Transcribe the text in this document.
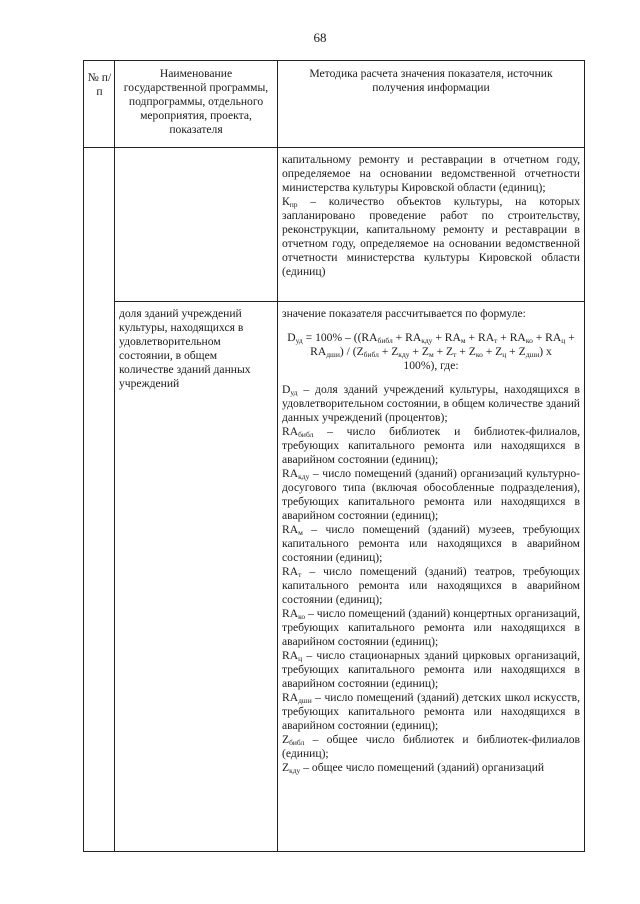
68
№ п/п
Наименование государственной программы, подпрограммы, отдельного мероприятия, проекта, показателя
Методика расчета значения показателя, источник получения информации

капитальному ремонту и реставрации в отчетном году, определяемое на основании ведомственной отчетности министерства культуры Кировской области (единиц);

$К_{пр}$ – количество объектов культуры, на которых запланировано проведение работ по строительству, реконструкции, капитальному ремонту и реставрации в отчетном году, определяемое на основании ведомственной отчетности министерства культуры Кировской области (единиц)

доля зданий учреждений культуры, находящихся в удовлетворительном состоянии, в общем количестве зданий данных учреждений

значение показателя рассчитывается по формуле:

$D_{уд} = 100\% - ((RA_{библ} + RA_{кду} + RA_м + RA_т + RA_{ко} + RA_ц + RA_{дши}) / (Z_{библ} + Z_{кду} + Z_м + Z_т + Z_{ко} + Z_ц + Z_{дши})$ x
100%), где:

$D_{уд}$ – доля зданий учреждений культуры, находящихся в удовлетворительном состоянии, в общем количестве зданий данных учреждений (процентов);

$RA_{библ}$ – число библиотек и библиотек-филиалов, требующих капитального ремонта или находящихся в аварийном состоянии (единиц);

$RA_{кду}$ – число помещений (зданий) организаций культурно-досугового типа (включая обособленные подразделения), требующих капитального ремонта или находящихся в аварийном состоянии (единиц);

$RA_м$ – число помещений (зданий) музеев, требующих капитального ремонта или находящихся в аварийном состоянии (единиц);

$RA_т$ – число помещений (зданий) театров, требующих капитального ремонта или находящихся в аварийном состоянии (единиц);

$RA_{ко}$ – число помещений (зданий) концертных организаций, требующих капитального ремонта или находящихся в аварийном состоянии (единиц);

$RA_ц$ – число стационарных зданий цирковых организаций, требующих капитального ремонта или находящихся в аварийном состоянии (единиц);

$RA_{дши}$ – число помещений (зданий) детских школ искусств, требующих капитального ремонта или находящихся в аварийном состоянии (единиц);

$Z_{библ}$ – общее число библиотек и библиотек-филиалов (единиц);

$Z_{кду}$ – общее число помещений (зданий) организаций
